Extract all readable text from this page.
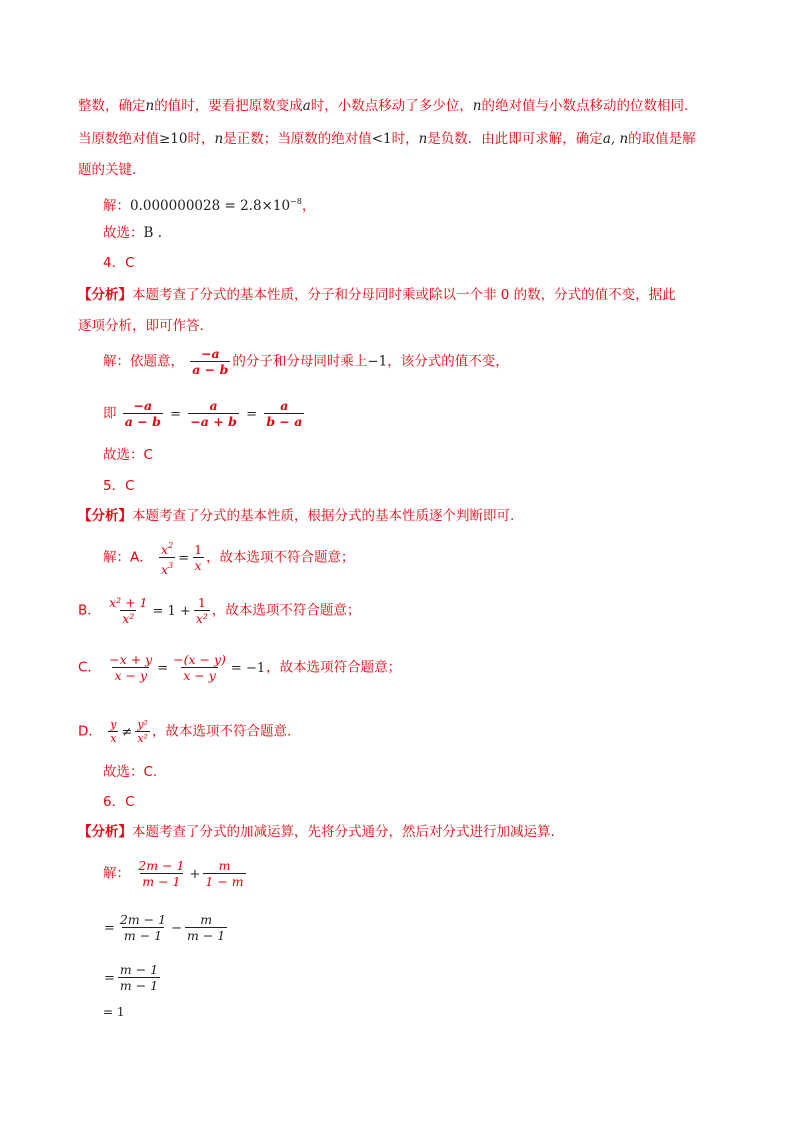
整数，确定n的值时，要看把原数变成a时，小数点移动了多少位，n的绝对值与小数点移动的位数相同.
当原数绝对值≥10时，n是正数；当原数的绝对值<1时，n是负数．由此即可求解，确定a, n的取值是解
题的关键.
解：$0.000000028 = 2.8\times 10^{-8}$，
故选：B .
4．C
【分析】本题考查了分式的基本性质，分子和分母同时乘或除以一个非 0 的数，分式的值不变，据此
逐项分析，即可作答.
解：依题意， $\frac{-a}{a - b}$ 的分子和分母同时乘上−1，该分式的值不变，
即 $\frac{-a}{a - b} = \frac{a}{-a + b} = \frac{a}{b - a}$
故选：C
5．C
【分析】本题考查了分式的基本性质，根据分式的基本性质逐个判断即可.
解：A． $\frac{x^2}{x^3} = \frac{1}{x}$ ，故本选项不符合题意；
B． $\frac{\text{x² + 1}}{\text{x²}} = 1 + \frac{1}{\text{x²}}$ ，故本选项不符合题意；
C． $\frac{-x + y}{x - y} = \frac{-(x - y)}{x - y} = -1$，故本选项符合题意；
D． $\frac{y}{x} \ne \frac{\text{y²}}{\text{x²}}$ ，故本选项不符合题意.
故选：C.
6．C
【分析】本题考查了分式的加减运算，先将分式通分，然后对分式进行加减运算.
解： $\frac{2m - 1}{m - 1} + \frac{m}{1 - m}$
= $\frac{2m - 1}{m - 1} - \frac{m}{m - 1}$
= $\frac{m - 1}{m - 1}$
= 1
